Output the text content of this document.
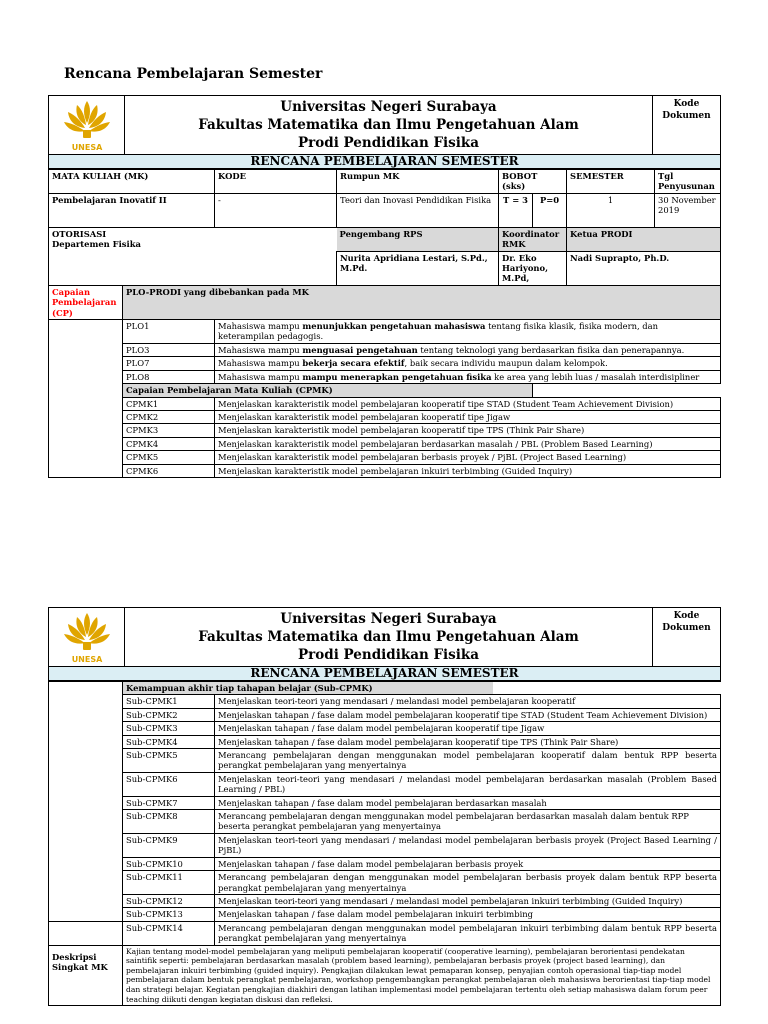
Rencana Pembelajaran Semester
UNESA

Universitas Negeri Surabaya
Fakultas Matematika dan Ilmu Pengetahuan Alam
Prodi Pendidikan Fisika
	Kode Dokumen
RENCANA PEMBELAJARAN SEMESTER
MATA KULIAH (MK)		KODE	Rumpun MK	BOBOT (sks)		SEMESTER	Tgl Penyusunan
Pembelajaran Inovatif II		-	Teori dan Inovasi Pendidikan Fisika	T = 3	P=0	1	30 November 2019

OTORISASI
Departemen Fisika			Pengembang RPS	Koordinator RMK		Ketua PRODI	
			Nurita Apridiana Lestari, S.Pd., M.Pd.	Dr. Eko Hariyono, M.Pd,		Nadi Suprapto, Ph.D.	
Capaian Pembelajaran (CP)	PLO-PRODI yang dibebankan pada MK						
	PLO1	Mahasiswa mampu menunjukkan pengetahuan mahasiswa tentang fisika klasik, fisika modern, dan keterampilan pedagogis.					
	PLO3	Mahasiswa mampu menguasai pengetahuan tentang teknologi yang berdasarkan fisika dan penerapannya.					
	PLO7	Mahasiswa mampu bekerja secara efektif, baik secara individu maupun dalam kelompok.					
	PLO8	Mahasiswa mampu mampu menerapkan pengetahuan fisika ke area yang lebih luas / masalah interdisipliner					
	Capaian Pembelajaran Mata Kuliah (CPMK)						
	CPMK1	Menjelaskan karakteristik model pembelajaran kooperatif tipe STAD (Student Team Achievement Division)					
	CPMK2	Menjelaskan karakteristik model pembelajaran kooperatif tipe Jigaw					
	CPMK3	Menjelaskan karakteristik model pembelajaran kooperatif tipe TPS (Think Pair Share)					
	CPMK4	Menjelaskan karakteristik model pembelajaran berdasarkan masalah / PBL (Problem Based Learning)					
	CPMK5	Menjelaskan karakteristik model pembelajaran berbasis proyek / PjBL (Project Based Learning)					
	CPMK6	Menjelaskan karakteristik model pembelajaran inkuiri terbimbing (Guided Inquiry)					
UNESA

Universitas Negeri Surabaya
Fakultas Matematika dan Ilmu Pengetahuan Alam
Prodi Pendidikan Fisika
	Kode Dokumen
RENCANA PEMBELAJARAN SEMESTER

	Kemampuan akhir tiap tahapan belajar (Sub-CPMK)	

	Sub-CPMK1	Menjelaskan teori-teori yang mendasari / melandasi model pembelajaran kooperatif
	Sub-CPMK2	Menjelaskan tahapan / fase dalam model pembelajaran kooperatif tipe STAD (Student Team Achievement Division)
	Sub-CPMK3	Menjelaskan tahapan / fase dalam model pembelajaran kooperatif tipe Jigaw
	Sub-CPMK4	Menjelaskan tahapan / fase dalam model pembelajaran kooperatif tipe TPS (Think Pair Share)
	Sub-CPMK5	Merancang pembelajaran dengan menggunakan model pembelajaran kooperatif dalam bentuk RPP beserta perangkat pembelajaran yang menyertainya
	Sub-CPMK6	Menjelaskan teori-teori yang mendasari / melandasi model pembelajaran berdasarkan masalah (Problem Based Learning / PBL)
	Sub-CPMK7	Menjelaskan tahapan / fase dalam model pembelajaran berdasarkan masalah
	Sub-CPMK8	Merancang pembelajaran dengan menggunakan model pembelajaran berdasarkan masalah dalam bentuk RPP beserta perangkat pembelajaran yang menyertainya
	Sub-CPMK9	Menjelaskan teori-teori yang mendasari / melandasi model pembelajaran berbasis proyek (Project Based Learning / PjBL)
	Sub-CPMK10	Menjelaskan tahapan / fase dalam model pembelajaran berbasis proyek
	Sub-CPMK11	Merancang pembelajaran dengan menggunakan model pembelajaran berbasis proyek dalam bentuk RPP beserta perangkat pembelajaran yang menyertainya
	Sub-CPMK12	Menjelaskan teori-teori yang mendasari / melandasi model pembelajaran inkuiri terbimbing (Guided Inquiry)
	Sub-CPMK13	Menjelaskan tahapan / fase dalam model pembelajaran inkuiri terbimbing
	Sub-CPMK14	Merancang pembelajaran dengan menggunakan model pembelajaran inkuiri terbimbing dalam bentuk RPP beserta perangkat pembelajaran yang menyertainya
Deskripsi Singkat MK	Kajian tentang model-model pembelajaran yang meliputi pembelajaran kooperatif (cooperative learning), pembelajaran berorientasi pendekatan saintifik seperti: pembelajaran berdasarkan masalah (problem based learning), pembelajaran berbasis proyek (project based learning), dan pembelajaran inkuiri terbimbing (guided inquiry). Pengkajian dilakukan lewat pemaparan konsep, penyajian contoh operasional tiap-tiap model pembelajaran dalam bentuk perangkat pembelajaran, workshop pengembangkan perangkat pembelajaran oleh mahasiswa berorientasi tiap-tiap model dan strategi belajar. Kegiatan pengkajian diakhiri dengan latihan implementasi model pembelajaran tertentu oleh setiap mahasiswa dalam forum peer teaching diikuti dengan kegiatan diskusi dan refleksi.	
